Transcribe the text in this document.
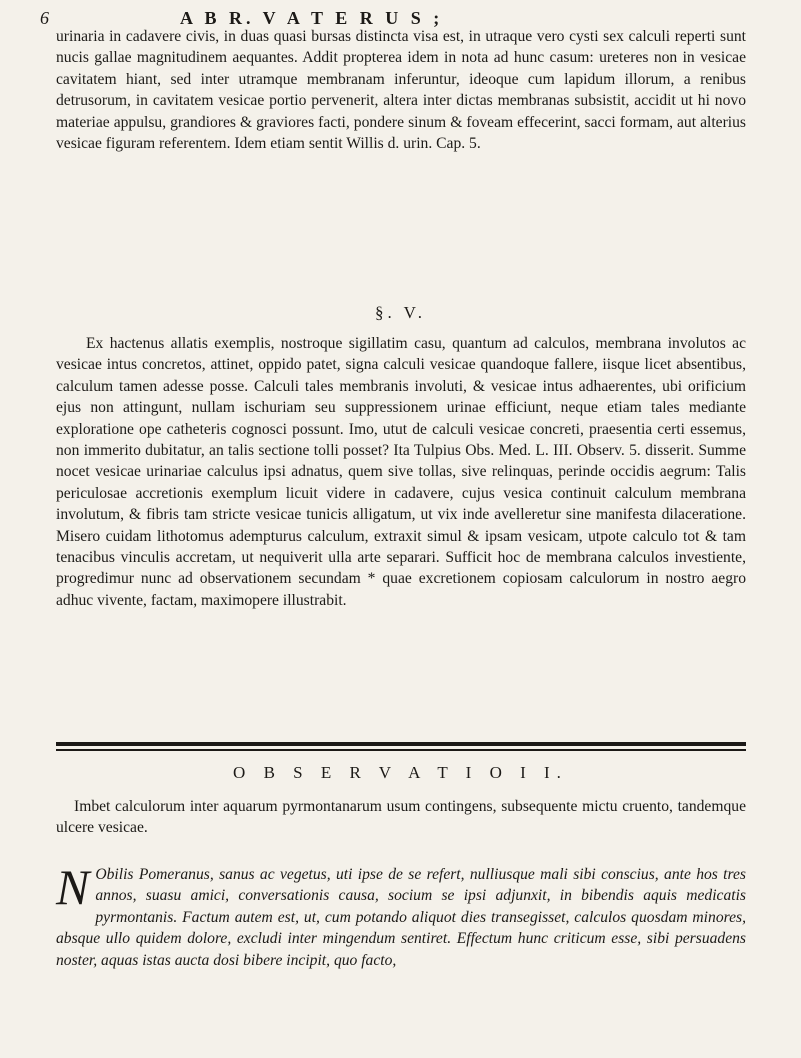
6	A B R. V A T E R U S ;

urinaria in cadavere civis, in duas quasi bursas distincta visa est, in utraque vero cysti sex calculi reperti sunt nucis gallae magnitudinem aequantes. Addit propterea idem in nota ad hunc casum: ureteres non in vesicae cavitatem hiant, sed inter utramque membranam inferuntur, ideoque cum lapidum illorum, a renibus detrusorum, in cavitatem vesicae portio pervenerit, altera inter dictas membranas subsistit, accidit ut hi novo materiae appulsu, grandiores & graviores facti, pondere sinum & foveam effecerint, sacci formam, aut alterius vesicae figuram referentem. Idem etiam sentit Willis d. urin. Cap. 5.

§. V.

Ex hactenus allatis exemplis, nostroque sigillatim casu, quantum ad calculos, membrana involutos ac vesicae intus concretos, attinet, oppido patet, signa calculi vesicae quandoque fallere, iisque licet absentibus, calculum tamen adesse posse. Calculi tales membranis involuti, & vesicae intus adhaerentes, ubi orificium ejus non attingunt, nullam ischuriam seu suppressionem urinae efficiunt, neque etiam tales mediante exploratione ope catheteris cognosci possunt. Imo, utut de calculi vesicae concreti, praesentia certi essemus, non immerito dubitatur, an talis sectione tolli posset? Ita Tulpius Obs. Med. L. III. Observ. 5. disserit. Summe nocet vesicae urinariae calculus ipsi adnatus, quem sive tollas, sive relinquas, perinde occidis aegrum: Talis periculosae accretionis exemplum licuit videre in cadavere, cujus vesica continuit calculum membrana involutum, & fibris tam stricte vesicae tunicis alligatum, ut vix inde avelleretur sine manifesta dilaceratione. Misero cuidam lithotomus adempturus calculum, extraxit simul & ipsam vesicam, utpote calculo tot & tam tenacibus vinculis accretam, ut nequiverit ulla arte separari. Sufficit hoc de membrana calculos investiente, progredimur nunc ad observationem secundam * quae excretionem copiosam calculorum in nostro aegro adhuc vivente, factam, maximopere illustrabit.

O B S E R V A T I O I I.

Imbet calculorum inter aquarum pyrmontanarum usum contingens, subsequente mictu cruento, tandemque ulcere vesicae.

N Obilis Pomeranus, sanus ac vegetus, uti ipse de se refert, nulliusque mali sibi conscius, ante hos tres annos, suasu amici, conversationis causa, socium se ipsi adjunxit, in bibendis aquis medicatis pyrmontanis. Factum autem est, ut, cum potando aliquot dies transegisset, calculos quosdam minores, absque ullo quidem dolore, excludi inter mingendum sentiret. Effectum hunc criticum esse, sibi persuadens noster, aquas istas aucta dosi bibere incipit, quo facto,
